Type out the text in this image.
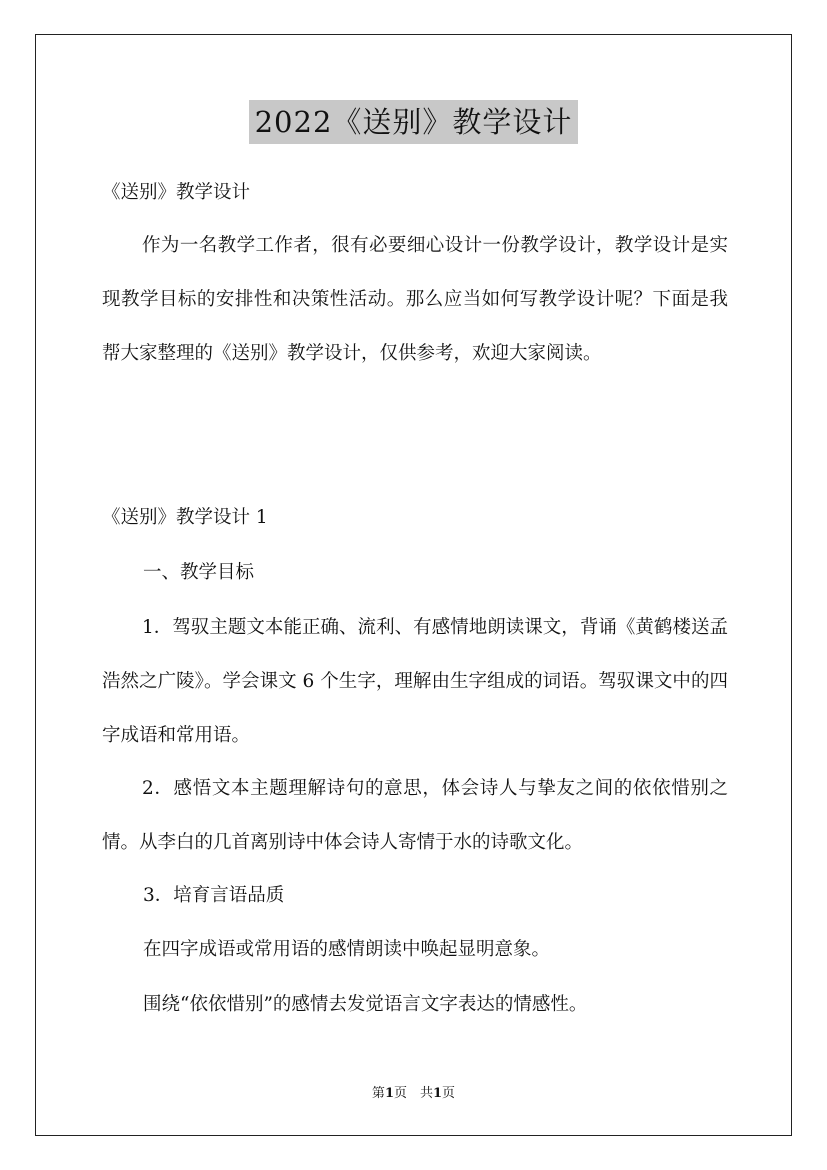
2022《送别》教学设计
《送别》教学设计
作为一名教学工作者，很有必要细心设计一份教学设计，教学设计是实现教学目标的安排性和决策性活动。那么应当如何写教学设计呢？下面是我帮大家整理的《送别》教学设计，仅供参考，欢迎大家阅读。
《送别》教学设计 1
一、教学目标
1．驾驭主题文本能正确、流利、有感情地朗读课文，背诵《黄鹤楼送孟浩然之广陵》。学会课文 6 个生字，理解由生字组成的词语。驾驭课文中的四字成语和常用语。
2．感悟文本主题理解诗句的意思，体会诗人与挚友之间的依依惜别之情。从李白的几首离别诗中体会诗人寄情于水的诗歌文化。
3．培育言语品质
在四字成语或常用语的感情朗读中唤起显明意象。
围绕“依依惜别”的感情去发觉语言文字表达的情感性。
第1页　共1页
